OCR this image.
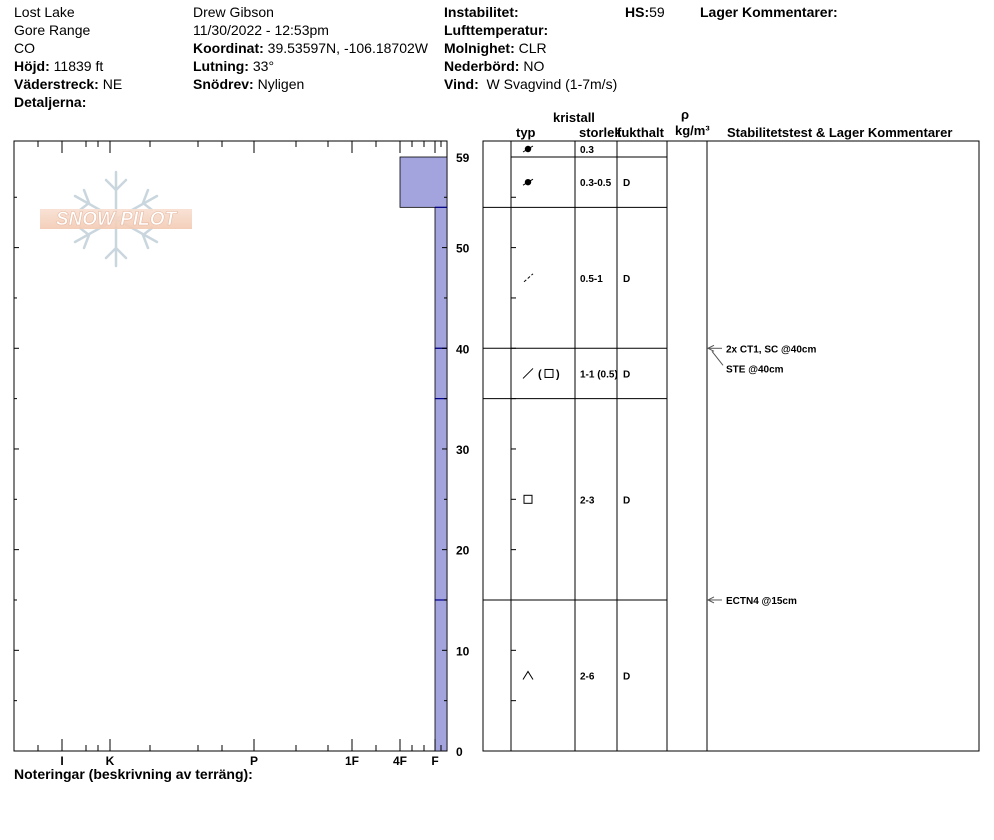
Lost Lake
Gore Range
CO
Höjd: 11839 ft
Väderstreck: NE
Detaljerna:
Drew Gibson
11/30/2022 - 12:53pm
Koordinat: 39.53597N, -106.18702W
Lutning: 33°
Snödrev: Nyligen
Instabilitet:
Lufttemperatur:
Molnighet: CLR
Nederbörd: NO
Vind: W Svagvind (1-7m/s)
HS:59	Lager Kommentarer:
kristall
typ	storlek
fukthalt
ρ
kg/m³ Stabilitetstest & Lager Kommentarer
SNOW PILOT
0
10
20
30
40
50
59
I	K	P	1F	4F F
0.3
0.3-0.5 D
0.5-1 D
( ) 1-1 (0.5) D
2-3	D
2-6	D
2x CT1, SC @40cm
STE @40cm
ECTN4 @15cm
Noteringar (beskrivning av terräng):
